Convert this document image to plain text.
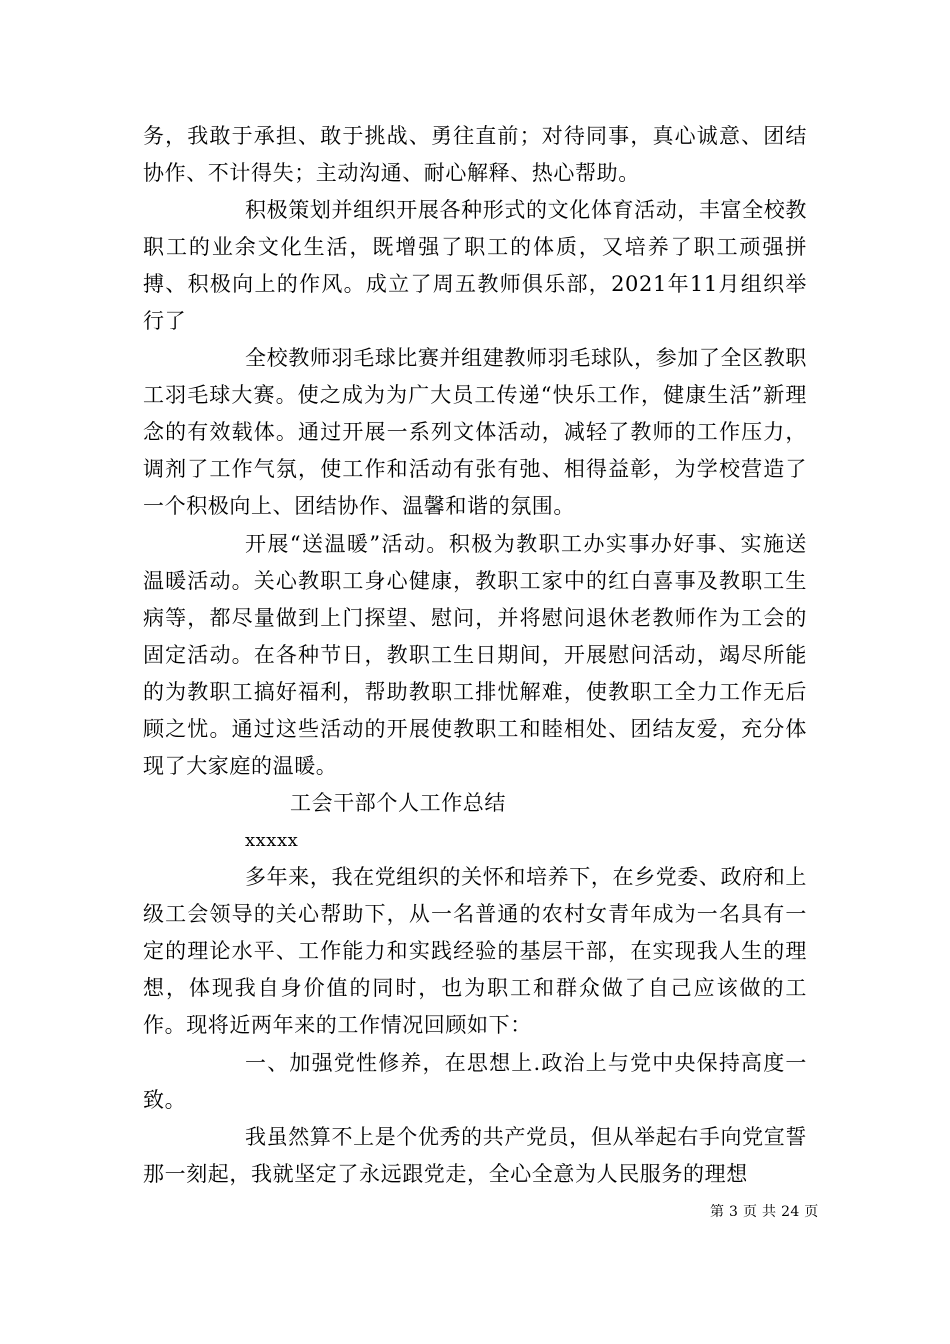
务，我敢于承担、敢于挑战、勇往直前；对待同事，真心诚意、团结协作、不计得失；主动沟通、耐心解释、热心帮助。

积极策划并组织开展各种形式的文化体育活动，丰富全校教职工的业余文化生活，既增强了职工的体质，又培养了职工顽强拼搏、积极向上的作风。成立了周五教师俱乐部，2021年11月组织举行了

全校教师羽毛球比赛并组建教师羽毛球队，参加了全区教职工羽毛球大赛。使之成为为广大员工传递“快乐工作，健康生活”新理念的有效载体。通过开展一系列文体活动，减轻了教师的工作压力，调剂了工作气氛，使工作和活动有张有弛、相得益彰，为学校营造了一个积极向上、团结协作、温馨和谐的氛围。

开展“送温暖”活动。积极为教职工办实事办好事、实施送温暖活动。关心教职工身心健康，教职工家中的红白喜事及教职工生病等，都尽量做到上门探望、慰问，并将慰问退休老教师作为工会的固定活动。在各种节日，教职工生日期间，开展慰问活动，竭尽所能的为教职工搞好福利，帮助教职工排忧解难，使教职工全力工作无后顾之忧。通过这些活动的开展使教职工和睦相处、团结友爱，充分体现了大家庭的温暖。

工会干部个人工作总结

xxxxx

多年来，我在党组织的关怀和培养下，在乡党委、政府和上级工会领导的关心帮助下，从一名普通的农村女青年成为一名具有一定的理论水平、工作能力和实践经验的基层干部，在实现我人生的理想，体现我自身价值的同时，也为职工和群众做了自己应该做的工作。现将近两年来的工作情况回顾如下：

一、加强党性修养，在思想上.政治上与党中央保持高度一致。

我虽然算不上是个优秀的共产党员，但从举起右手向党宣誓那一刻起，我就坚定了永远跟党走，全心全意为人民服务的理想

第 3 页 共 24 页
